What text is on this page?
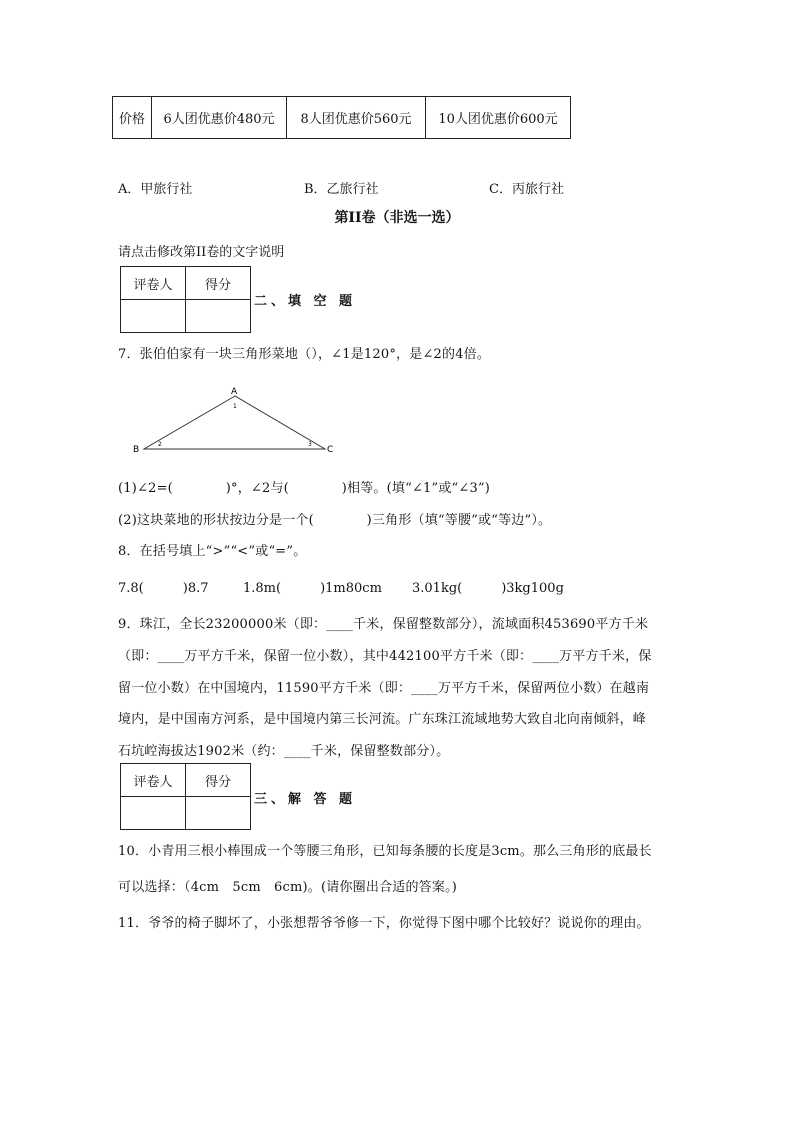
价格	6人团优惠价480元	8人团优惠价560元	10人团优惠价600元
A．甲旅行社	B．乙旅行社	C．丙旅行社
第II卷（非选一选）
请点击修改第II卷的文字说明
评卷人	得分

二、填 空 题
7．张伯伯家有一块三角形菜地（），∠1是120°，是∠2的4倍。
A
B	C
1
2	3
(1)∠2=(　　　　)°，∠2与(　　　　)相等。(填“∠1”或“∠3”)
(2)这块菜地的形状按边分是一个(　　　　)三角形（填“等腰”或“等边”）。
8．在括号填上“>”“<”或“=”。
7.8(　　　)8.7	1.8m(　　　)1m80cm 3.01kg(　　　)3kg100g
9．珠江，全长23200000米（即：____千米，保留整数部分），流域面积453690平方千米
（即：____万平方千米，保留一位小数），其中442100平方千米（即：____万平方千米，保
留一位小数）在中国境内，11590平方千米（即：____万平方千米，保留两位小数）在越南
境内，是中国南方河系，是中国境内第三长河流。广东珠江流域地势大致自北向南倾斜，峰
石坑崆海拔达1902米（约：____千米，保留整数部分）。
评卷人	得分

三、解 答 题
10．小青用三根小棒围成一个等腰三角形，已知每条腰的长度是3cm。那么三角形的底最长
可以选择：（4cm　5cm　6cm)。(请你圈出合适的答案。)
11．爷爷的椅子脚坏了，小张想帮爷爷修一下，你觉得下图中哪个比较好？说说你的理由。
